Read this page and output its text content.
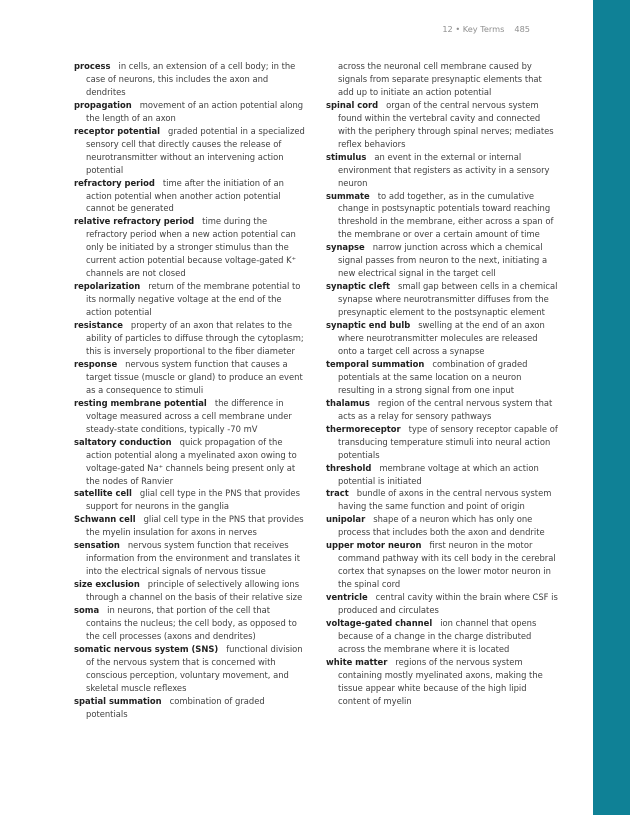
12 • Key Terms 485
process in cells, an extension of a cell body; in the case of neurons, this includes the axon and dendrites
propagation movement of an action potential along the length of an axon
receptor potential graded potential in a specialized sensory cell that directly causes the release of neurotransmitter without an intervening action potential
refractory period time after the initiation of an action potential when another action potential cannot be generated
relative refractory period time during the refractory period when a new action potential can only be initiated by a stronger stimulus than the current action potential because voltage-gated K⁺ channels are not closed
repolarization return of the membrane potential to its normally negative voltage at the end of the action potential
resistance property of an axon that relates to the ability of particles to diffuse through the cytoplasm; this is inversely proportional to the fiber diameter
response nervous system function that causes a target tissue (muscle or gland) to produce an event as a consequence to stimuli
resting membrane potential the difference in voltage measured across a cell membrane under steady-state conditions, typically -70 mV
saltatory conduction quick propagation of the action potential along a myelinated axon owing to voltage-gated Na⁺ channels being present only at the nodes of Ranvier
satellite cell glial cell type in the PNS that provides support for neurons in the ganglia
Schwann cell glial cell type in the PNS that provides the myelin insulation for axons in nerves
sensation nervous system function that receives information from the environment and translates it into the electrical signals of nervous tissue
size exclusion principle of selectively allowing ions through a channel on the basis of their relative size
soma in neurons, that portion of the cell that contains the nucleus; the cell body, as opposed to the cell processes (axons and dendrites)
somatic nervous system (SNS) functional division of the nervous system that is concerned with conscious perception, voluntary movement, and skeletal muscle reflexes
spatial summation combination of graded potentials
across the neuronal cell membrane caused by signals from separate presynaptic elements that add up to initiate an action potential
spinal cord organ of the central nervous system found within the vertebral cavity and connected with the periphery through spinal nerves; mediates reflex behaviors
stimulus an event in the external or internal environment that registers as activity in a sensory neuron
summate to add together, as in the cumulative change in postsynaptic potentials toward reaching threshold in the membrane, either across a span of the membrane or over a certain amount of time
synapse narrow junction across which a chemical signal passes from neuron to the next, initiating a new electrical signal in the target cell
synaptic cleft small gap between cells in a chemical synapse where neurotransmitter diffuses from the presynaptic element to the postsynaptic element
synaptic end bulb swelling at the end of an axon where neurotransmitter molecules are released onto a target cell across a synapse
temporal summation combination of graded potentials at the same location on a neuron resulting in a strong signal from one input
thalamus region of the central nervous system that acts as a relay for sensory pathways
thermoreceptor type of sensory receptor capable of transducing temperature stimuli into neural action potentials
threshold membrane voltage at which an action potential is initiated
tract bundle of axons in the central nervous system having the same function and point of origin
unipolar shape of a neuron which has only one process that includes both the axon and dendrite
upper motor neuron first neuron in the motor command pathway with its cell body in the cerebral cortex that synapses on the lower motor neuron in the spinal cord
ventricle central cavity within the brain where CSF is produced and circulates
voltage-gated channel ion channel that opens because of a change in the charge distributed across the membrane where it is located
white matter regions of the nervous system containing mostly myelinated axons, making the tissue appear white because of the high lipid content of myelin
